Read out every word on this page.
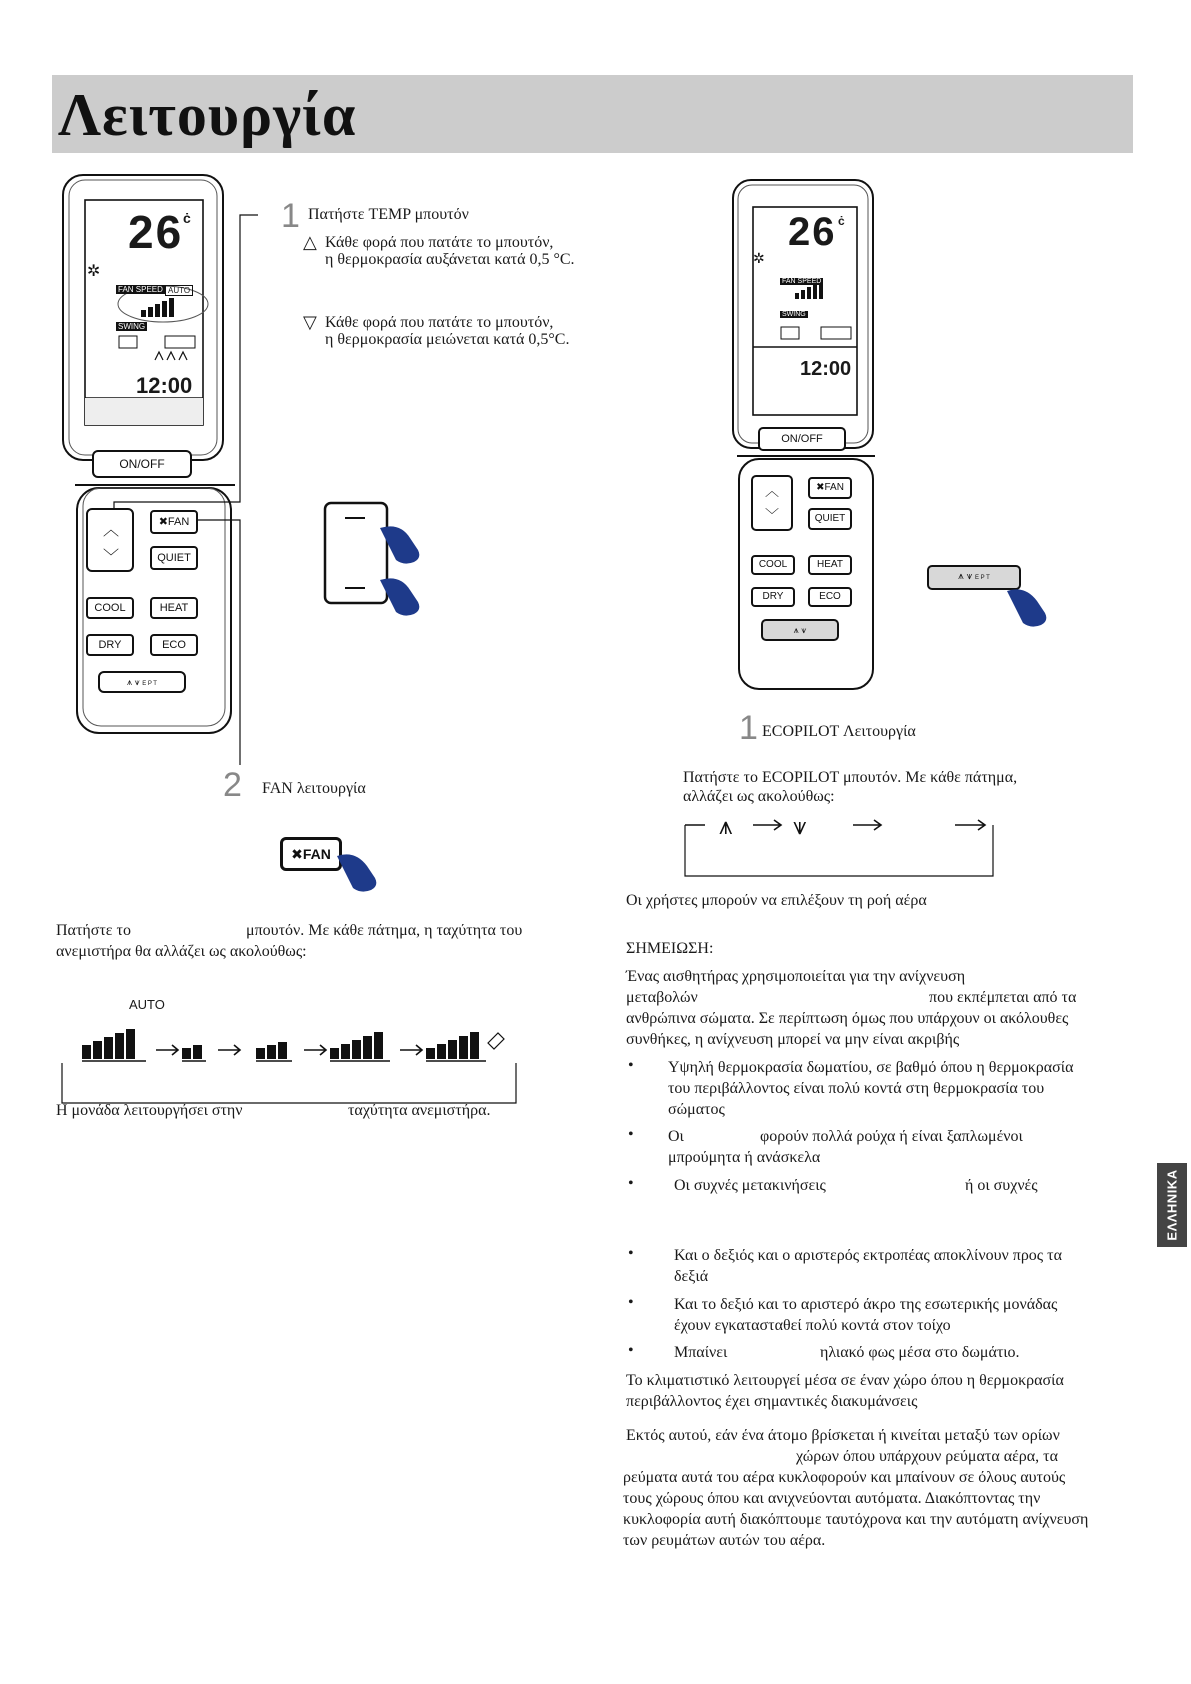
Λειτουργία
ΕΛΛΗΝΙΚΑ
✲
26 ċ
FAN SPEED AUTO
SWING
12:00
ON/OFF
︿
﹀
✖FAN
QUIET
COOL	HEAT
DRY	ECO
⩚ ⩛ E P T
1 Πατήστε TEMP μπουτόν
△ Κάθε φορά που πατάτε το μπουτόν,
η θερμοκρασία αυξάνεται κατά 0,5 °C.
▽ Κάθε φορά που πατάτε το μπουτόν,
η θερμοκρασία μειώνεται κατά 0,5°C.
2 FAN λειτουργία
✖FAN
Πατήστε το	μπουτόν. Με κάθε πάτημα, η ταχύτητα του
ανεμιστήρα θα αλλάζει ως ακολούθως:
AUTO
Η μονάδα λειτουργήσει στην	ταχύτητα ανεμιστήρα.
✲
26 ċ
FAN SPEED
SWING
12:00
ON/OFF
︿
﹀
✖FAN
QUIET
COOL	HEAT
DRY	ECO
⩚ ⩛
⩚ ⩛ E P T
1 ECOPILOT Λειτουργία
Πατήστε το ECOPILOT μπουτόν. Με κάθε πάτημα,
αλλάζει ως ακολούθως:
⩚	⩛
Οι χρήστες μπορούν να επιλέξουν τη ροή αέρα
ΣΗΜΕΙΩΣΗ:
Ένας αισθητήρας χρησιμοποιείται για την ανίχνευση
μεταβολών	που εκπέμπεται από τα
ανθρώπινα σώματα. Σε περίπτωση όμως που υπάρχουν οι ακόλουθες
συνθήκες, η ανίχνευση μπορεί να μην είναι ακριβής
• Υψηλή θερμοκρασία δωματίου, σε βαθμό όπου η θερμοκρασία
του περιβάλλοντος είναι πολύ κοντά στη θερμοκρασία του
σώματος
• Οι	φορούν πολλά ρούχα ή είναι ξαπλωμένοι
μπρούμητα ή ανάσκελα
•	Οι συχνές μετακινήσεις	ή οι συχνές
•	Και ο δεξιός και ο αριστερός εκτροπέας αποκλίνουν προς τα
δεξιά
•	Και το δεξιό και το αριστερό άκρο της εσωτερικής μονάδας
έχουν εγκατασταθεί πολύ κοντά στον τοίχο
•	Μπαίνει	ηλιακό φως μέσα στο δωμάτιο.
Το κλιματιστικό λειτουργεί μέσα σε έναν χώρο όπου η θερμοκρασία
περιβάλλοντος έχει σημαντικές διακυμάνσεις
Εκτός αυτού, εάν ένα άτομο βρίσκεται ή κινείται μεταξύ των ορίων
χώρων όπου υπάρχουν ρεύματα αέρα, τα
ρεύματα αυτά του αέρα κυκλοφορούν και μπαίνουν σε όλους αυτούς
τους χώρους όπου και ανιχνεύονται αυτόματα. Διακόπτοντας την
κυκλοφορία αυτή διακόπτουμε ταυτόχρονα και την αυτόματη ανίχνευση
των ρευμάτων αυτών του αέρα.
